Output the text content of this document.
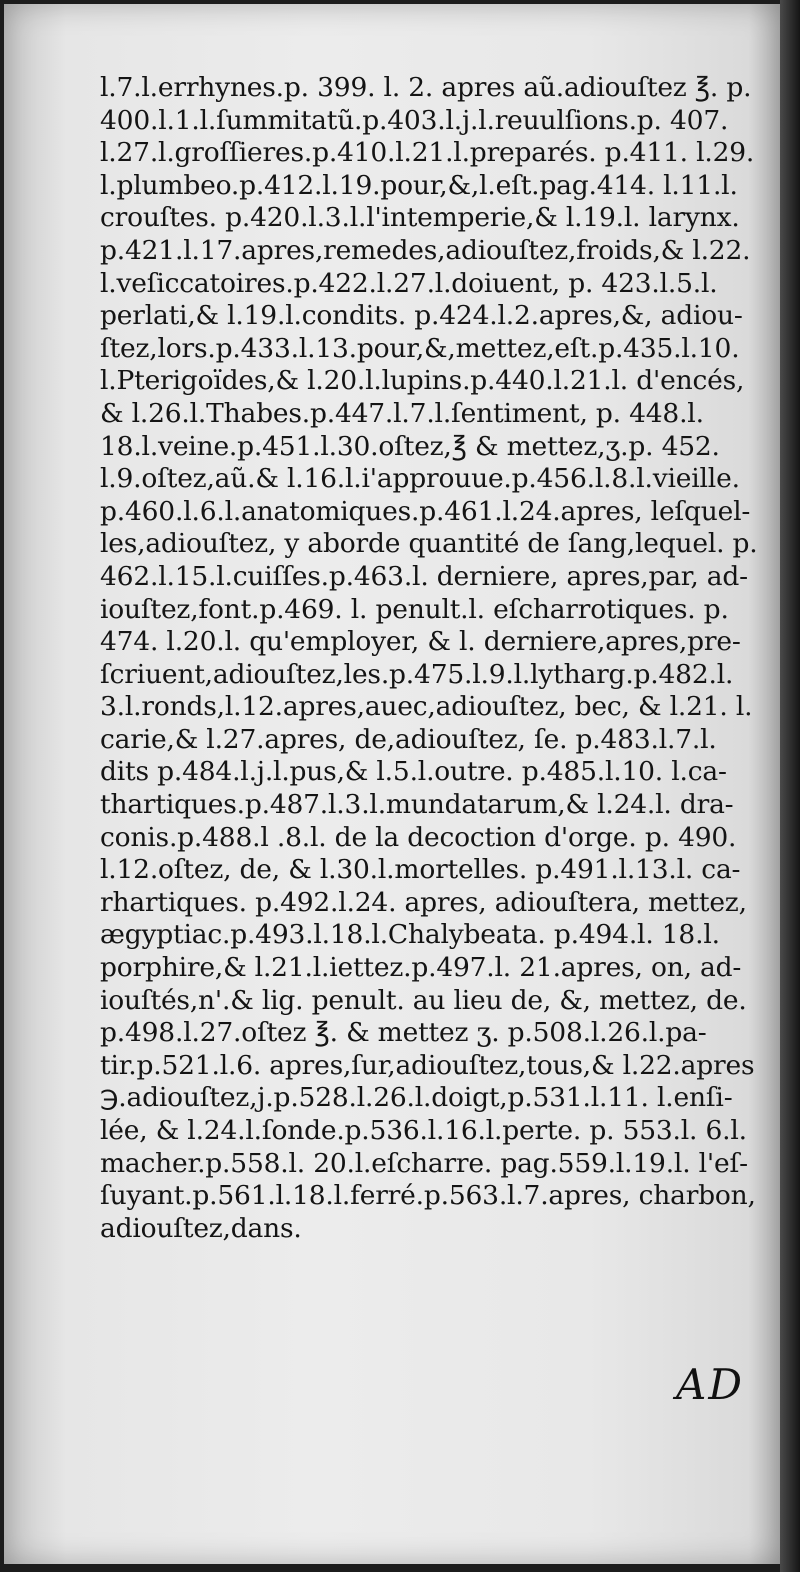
l.7.l.errhynes.p. 399. l. 2. apres aũ.adiouſtez ℥. p.
400.l.1.l.ſummitatũ.p.403.l.j.l.reuulſions.p. 407.
l.27.l.groſſieres.p.410.l.21.l.preparés. p.411. l.29.
l.plumbeo.p.412.l.19.pour,&,l.eſt.pag.414. l.11.l.
crouſtes. p.420.l.3.l.l'intemperie,& l.19.l. larynx.
p.421.l.17.apres,remedes,adiouſtez,froids,& l.22.
l.veſiccatoires.p.422.l.27.l.doiuent, p. 423.l.5.l.
perlati,& l.19.l.condits. p.424.l.2.apres,&, adiou-
ſtez,lors.p.433.l.13.pour,&,mettez,eſt.p.435.l.10.
l.Pterigoïdes,& l.20.l.lupins.p.440.l.21.l. d'encés,
& l.26.l.Thabes.p.447.l.7.l.ſentiment, p. 448.l.
18.l.veine.p.451.l.30.oſtez,℥ & mettez,ʒ.p. 452.
l.9.oſtez,aũ.& l.16.l.i'approuue.p.456.l.8.l.vieille.
p.460.l.6.l.anatomiques.p.461.l.24.apres, leſquel-
les,adiouſtez, y aborde quantité de ſang,lequel. p.
462.l.15.l.cuiſſes.p.463.l. derniere, apres,par, ad-
iouſtez,font.p.469. l. penult.l. eſcharrotiques. p.
474. l.20.l. qu'employer, & l. derniere,apres,pre-
ſcriuent,adiouſtez,les.p.475.l.9.l.lytharg.p.482.l.
3.l.ronds,l.12.apres,auec,adiouſtez, bec, & l.21. l.
carie,& l.27.apres, de,adiouſtez, ſe. p.483.l.7.l.
dits p.484.l.j.l.pus,& l.5.l.outre. p.485.l.10. l.ca-
thartiques.p.487.l.3.l.mundatarum,& l.24.l. dra-
conis.p.488.l .8.l. de la decoction d'orge. p. 490.
l.12.oſtez, de, & l.30.l.mortelles. p.491.l.13.l. ca-
rhartiques. p.492.l.24. apres, adiouſtera, mettez,
ægyptiac.p.493.l.18.l.Chalybeata. p.494.l. 18.l.
porphire,& l.21.l.iettez.p.497.l. 21.apres, on, ad-
iouſtés,n'.& lig. penult. au lieu de, &, mettez, de.
p.498.l.27.oſtez ℥. & mettez ʒ. p.508.l.26.l.pa-
tir.p.521.l.6. apres,ſur,adiouſtez,tous,& l.22.apres
℈.adiouſtez,j.p.528.l.26.l.doigt,p.531.l.11. l.enſi-
lée, & l.24.l.ſonde.p.536.l.16.l.perte. p. 553.l. 6.l.
macher.p.558.l. 20.l.eſcharre. pag.559.l.19.l. l'eſ-
ſuyant.p.561.l.18.l.ferré.p.563.l.7.apres, charbon,
adiouſtez,dans.
AD
